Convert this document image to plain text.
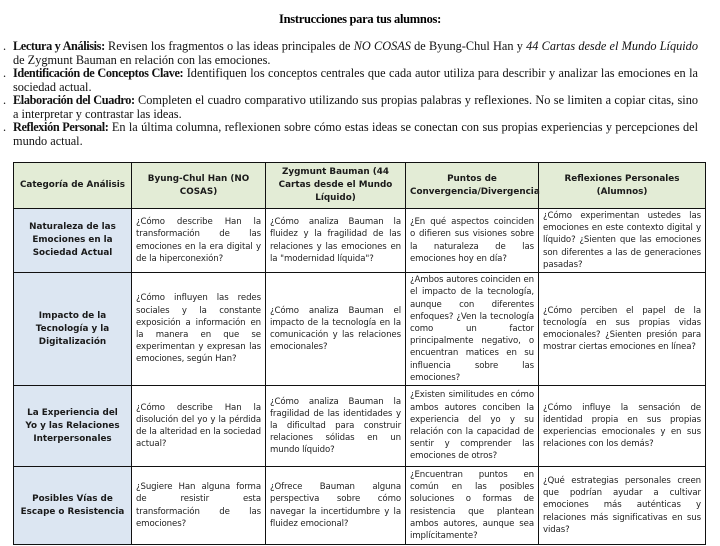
Instrucciones para tus alumnos:
. Lectura y Análisis: Revisen los fragmentos o las ideas principales de NO COSAS de Byung-Chul Han y 44 Cartas desde el Mundo Líquido de Zygmunt Bauman en relación con las emociones.
. Identificación de Conceptos Clave: Identifiquen los conceptos centrales que cada autor utiliza para describir y analizar las emociones en la sociedad actual.
. Elaboración del Cuadro: Completen el cuadro comparativo utilizando sus propias palabras y reflexiones. No se limiten a copiar citas, sino a interpretar y contrastar las ideas.
. Reflexión Personal: En la última columna, reflexionen sobre cómo estas ideas se conectan con sus propias experiencias y percepciones del mundo actual.
Categoría de Análisis	Byung-Chul Han (NO COSAS)	Zygmunt Bauman (44 Cartas desde el Mundo Líquido)	Puntos de Convergencia/Divergencia	Reflexiones Personales (Alumnos)
Naturaleza de las Emociones en la Sociedad Actual	¿Cómo describe Han la transformación de las emociones en la era digital y de la hiperconexión?	¿Cómo analiza Bauman la fluidez y la fragilidad de las relaciones y las emociones en la "modernidad líquida"?	¿En qué aspectos coinciden o difieren sus visiones sobre la naturaleza de las emociones hoy en día?	¿Cómo experimentan ustedes las emociones en este contexto digital y líquido? ¿Sienten que las emociones son diferentes a las de generaciones pasadas?
Impacto de la Tecnología y la Digitalización	¿Cómo influyen las redes sociales y la constante exposición a información en la manera en que se experimentan y expresan las emociones, según Han?	¿Cómo analiza Bauman el impacto de la tecnología en la comunicación y las relaciones emocionales?	¿Ambos autores coinciden en el impacto de la tecnología, aunque con diferentes enfoques? ¿Ven la tecnología como un factor principalmente negativo, o encuentran matices en su influencia sobre las emociones?	¿Cómo perciben el papel de la tecnología en sus propias vidas emocionales? ¿Sienten presión para mostrar ciertas emociones en línea?
La Experiencia del Yo y las Relaciones Interpersonales	¿Cómo describe Han la disolución del yo y la pérdida de la alteridad en la sociedad actual?	¿Cómo analiza Bauman la fragilidad de las identidades y la dificultad para construir relaciones sólidas en un mundo líquido?	¿Existen similitudes en cómo ambos autores conciben la experiencia del yo y su relación con la capacidad de sentir y comprender las emociones de otros?	¿Cómo influye la sensación de identidad propia en sus propias experiencias emocionales y en sus relaciones con los demás?
Posibles Vías de Escape o Resistencia	¿Sugiere Han alguna forma de resistir esta transformación de las emociones?	¿Ofrece Bauman alguna perspectiva sobre cómo navegar la incertidumbre y la fluidez emocional?	¿Encuentran puntos en común en las posibles soluciones o formas de resistencia que plantean ambos autores, aunque sea implícitamente?	¿Qué estrategias personales creen que podrían ayudar a cultivar emociones más auténticas y relaciones más significativas en sus vidas?
